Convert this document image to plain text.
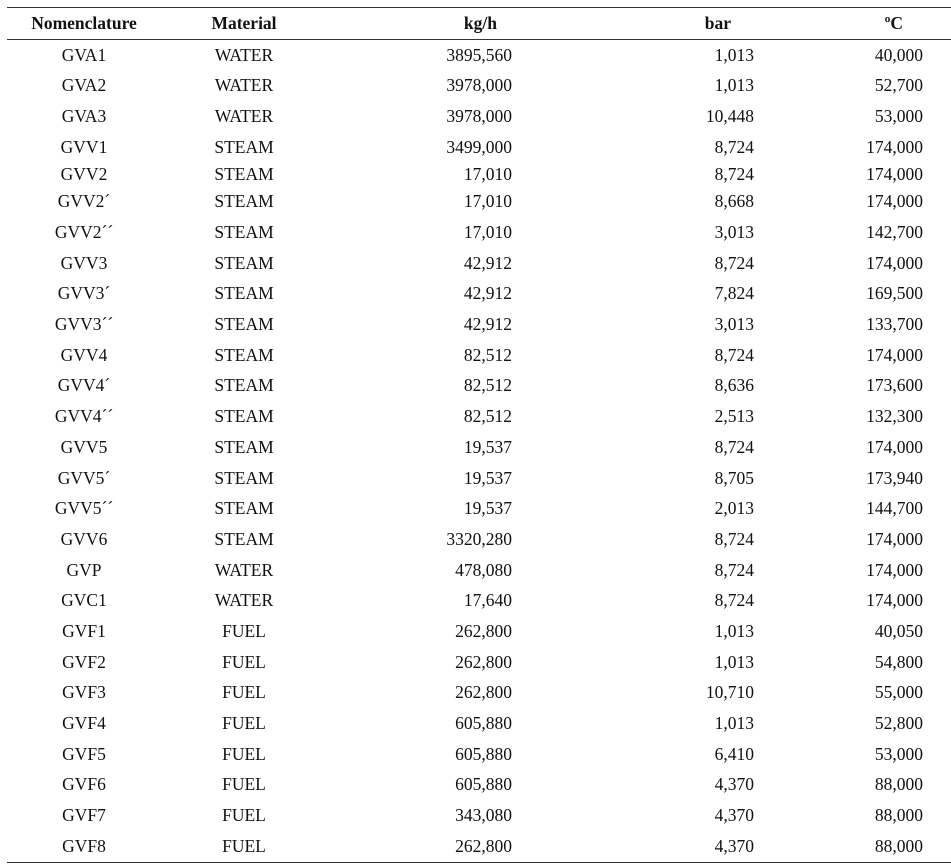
Nomenclature	Material	kg/h	bar	ºC
GVA1	WATER	3895,560	1,013	40,000
GVA2	WATER	3978,000	1,013	52,700
GVA3	WATER	3978,000	10,448	53,000
GVV1	STEAM	3499,000	8,724	174,000
GVV2	STEAM	17,010	8,724	174,000
GVV2´	STEAM	17,010	8,668	174,000
GVV2´´	STEAM	17,010	3,013	142,700
GVV3	STEAM	42,912	8,724	174,000
GVV3´	STEAM	42,912	7,824	169,500
GVV3´´	STEAM	42,912	3,013	133,700
GVV4	STEAM	82,512	8,724	174,000
GVV4´	STEAM	82,512	8,636	173,600
GVV4´´	STEAM	82,512	2,513	132,300
GVV5	STEAM	19,537	8,724	174,000
GVV5´	STEAM	19,537	8,705	173,940
GVV5´´	STEAM	19,537	2,013	144,700
GVV6	STEAM	3320,280	8,724	174,000
GVP	WATER	478,080	8,724	174,000
GVC1	WATER	17,640	8,724	174,000
GVF1	FUEL	262,800	1,013	40,050
GVF2	FUEL	262,800	1,013	54,800
GVF3	FUEL	262,800	10,710	55,000
GVF4	FUEL	605,880	1,013	52,800
GVF5	FUEL	605,880	6,410	53,000
GVF6	FUEL	605,880	4,370	88,000
GVF7	FUEL	343,080	4,370	88,000
GVF8	FUEL	262,800	4,370	88,000
